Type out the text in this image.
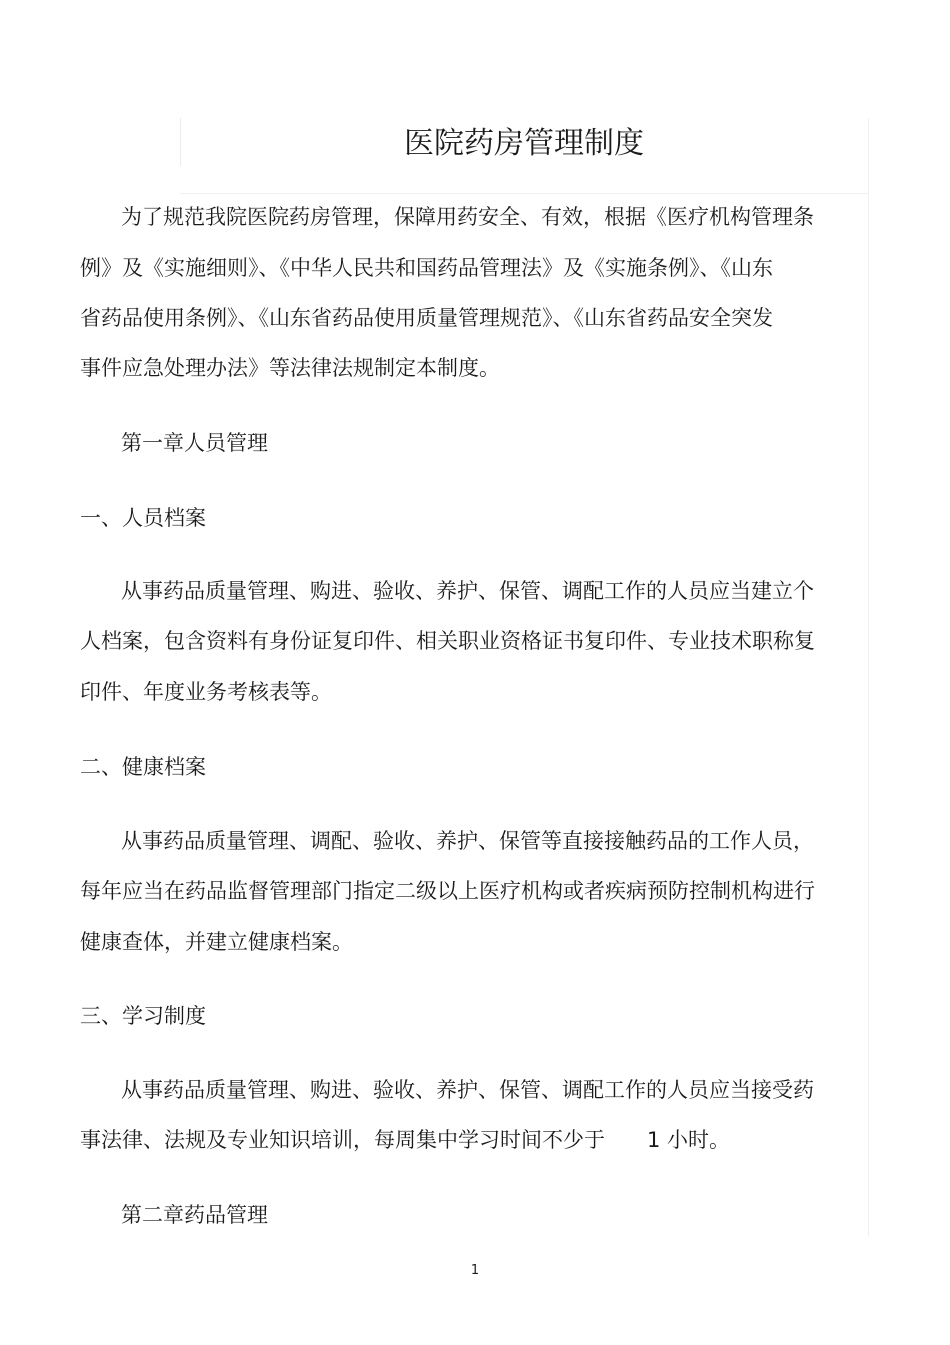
医院药房管理制度

为了规范我院医院药房管理，保障用药安全、有效，根据《医疗机构管理条

例》及《实施细则》、《中华人民共和国药品管理法》及《实施条例》、《山东

省药品使用条例》、《山东省药品使用质量管理规范》、《山东省药品安全突发

事件应急处理办法》等法律法规制定本制度。

第一章人员管理

一、人员档案

从事药品质量管理、购进、验收、养护、保管、调配工作的人员应当建立个

人档案，包含资料有身份证复印件、相关职业资格证书复印件、专业技术职称复

印件、年度业务考核表等。

二、健康档案

从事药品质量管理、调配、验收、养护、保管等直接接触药品的工作人员，

每年应当在药品监督管理部门指定二级以上医疗机构或者疾病预防控制机构进行

健康查体，并建立健康档案。

三、学习制度

从事药品质量管理、购进、验收、养护、保管、调配工作的人员应当接受药

事法律、法规及专业知识培训，每周集中学习时间不少于　　1 小时。

第二章药品管理

1
